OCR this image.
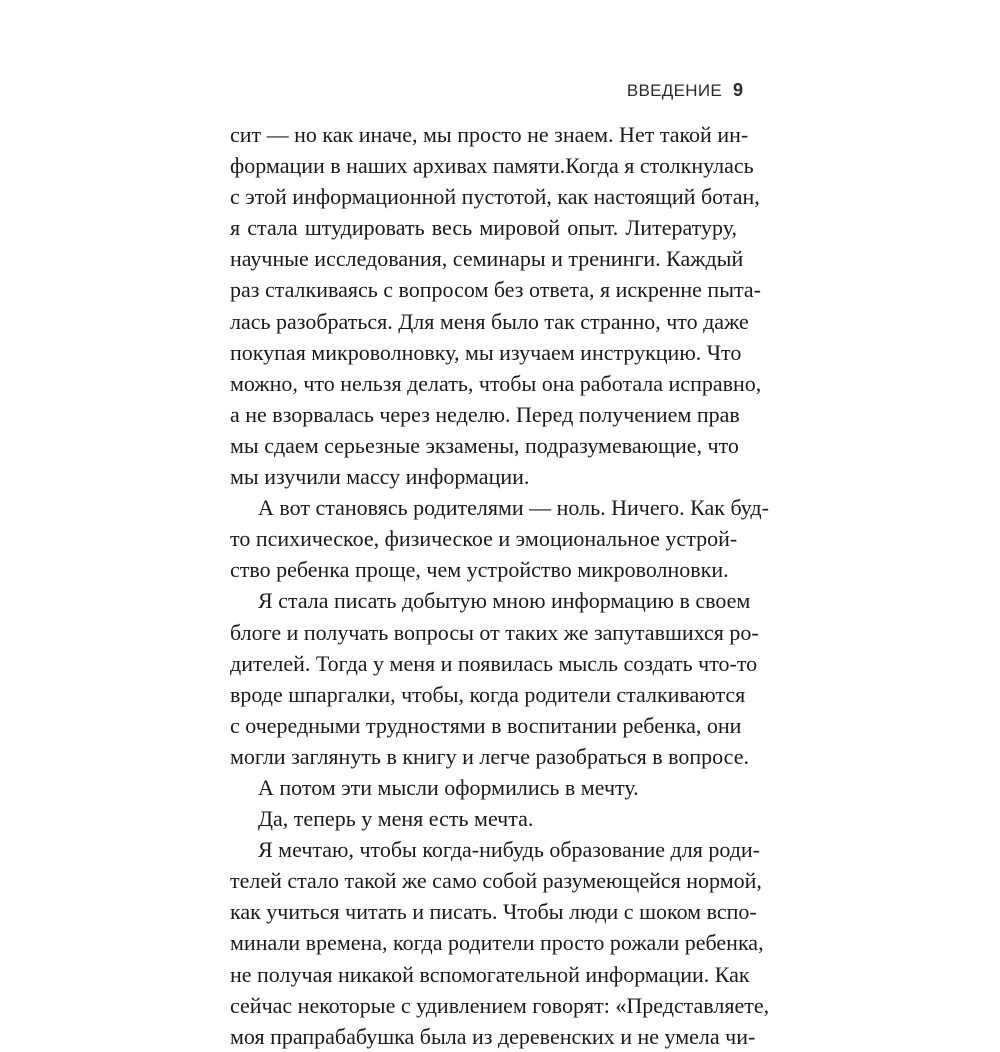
ВВЕДЕНИЕ 9
сит — но как иначе, мы просто не знаем. Нет такой ин-
формации в наших архивах памяти.Когда я столкнулась
с этой информационной пустотой, как настоящий ботан,
я стала штудировать весь мировой опыт. Литературу,
научные исследования, семинары и тренинги. Каждый
раз сталкиваясь с вопросом без ответа, я искренне пыта-
лась разобраться. Для меня было так странно, что даже
покупая микроволновку, мы изучаем инструкцию. Что
можно, что нельзя делать, чтобы она работала исправно,
а не взорвалась через неделю. Перед получением прав
мы сдаем серьезные экзамены, подразумевающие, что
мы изучили массу информации.
А вот становясь родителями — ноль. Ничего. Как буд-
то психическое, физическое и эмоциональное устрой-
ство ребенка проще, чем устройство микроволновки.
Я стала писать добытую мною информацию в своем
блоге и получать вопросы от таких же запутавшихся ро-
дителей. Тогда у меня и появилась мысль создать что-то
вроде шпаргалки, чтобы, когда родители сталкиваются
с очередными трудностями в воспитании ребенка, они
могли заглянуть в книгу и легче разобраться в вопросе.
А потом эти мысли оформились в мечту.
Да, теперь у меня есть мечта.
Я мечтаю, чтобы когда-нибудь образование для роди-
телей стало такой же само собой разумеющейся нормой,
как учиться читать и писать. Чтобы люди с шоком вспо-
минали времена, когда родители просто рожали ребенка,
не получая никакой вспомогательной информации. Как
сейчас некоторые с удивлением говорят: «Представляете,
моя прапрабабушка была из деревенских и не умела чи-
